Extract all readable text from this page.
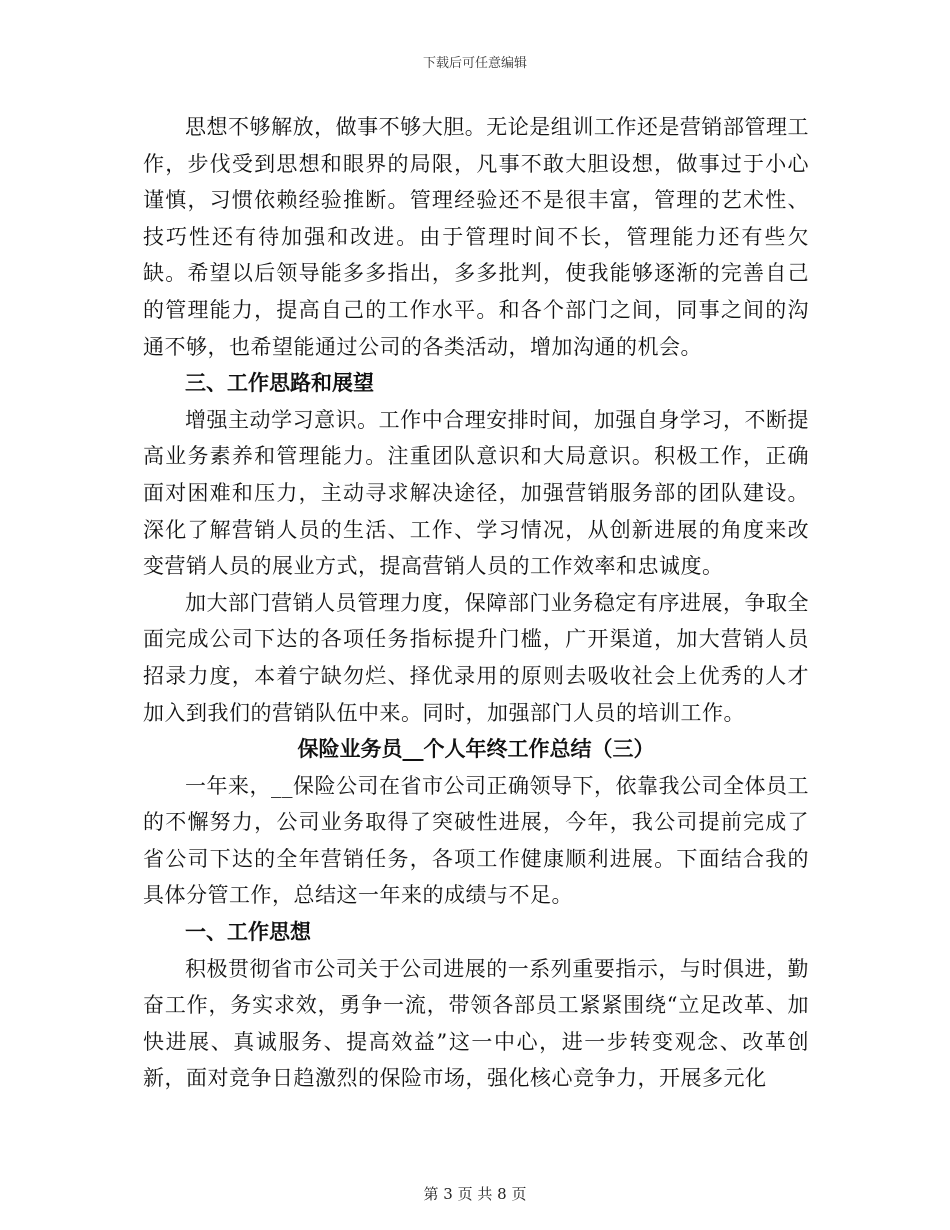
下载后可任意编辑

思想不够解放，做事不够大胆。无论是组训工作还是营销部管理工作，步伐受到思想和眼界的局限，凡事不敢大胆设想，做事过于小心谨慎，习惯依赖经验推断。管理经验还不是很丰富，管理的艺术性、技巧性还有待加强和改进。由于管理时间不长，管理能力还有些欠缺。希望以后领导能多多指出，多多批判，使我能够逐渐的完善自己的管理能力，提高自己的工作水平。和各个部门之间，同事之间的沟通不够，也希望能通过公司的各类活动，增加沟通的机会。

三、工作思路和展望

增强主动学习意识。工作中合理安排时间，加强自身学习，不断提高业务素养和管理能力。注重团队意识和大局意识。积极工作，正确面对困难和压力，主动寻求解决途径，加强营销服务部的团队建设。深化了解营销人员的生活、工作、学习情况，从创新进展的角度来改变营销人员的展业方式，提高营销人员的工作效率和忠诚度。

加大部门营销人员管理力度，保障部门业务稳定有序进展，争取全面完成公司下达的各项任务指标提升门槛，广开渠道，加大营销人员招录力度，本着宁缺勿烂、择优录用的原则去吸收社会上优秀的人才加入到我们的营销队伍中来。同时，加强部门人员的培训工作。

保险业务员__个人年终工作总结（三）

一年来，__保险公司在省市公司正确领导下，依靠我公司全体员工的不懈努力，公司业务取得了突破性进展，今年，我公司提前完成了省公司下达的全年营销任务，各项工作健康顺利进展。下面结合我的具体分管工作，总结这一年来的成绩与不足。

一、工作思想

积极贯彻省市公司关于公司进展的一系列重要指示，与时俱进，勤奋工作，务实求效，勇争一流，带领各部员工紧紧围绕“立足改革、加快进展、真诚服务、提高效益”这一中心，进一步转变观念、改革创新，面对竞争日趋激烈的保险市场，强化核心竞争力，开展多元化

第 3 页 共 8 页
